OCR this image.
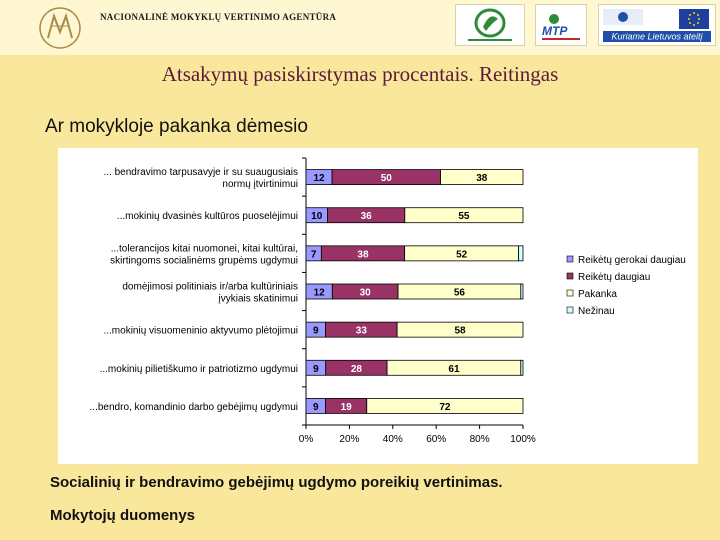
NACIONALINĖ MOKYKLŲ VERTINIMO AGENTŪRA
MTP	Kuriame Lietuvos ateitį
Atsakymų pasiskirstymas procentais. Reitingas
Ar mokykloje pakanka dėmesio
0%	20% 40% 60% 80% 100%
12	50	38
... bendravimo tarpusavyje ir su suaugusiais
normų įtvirtinimui
10	36	55
...mokinių dvasinės kultūros puoselėjimui
7	38	52
...tolerancijos kitai nuomonei, kitai kultūrai,
skirtingoms socialinėms grupėms ugdymui
12	30	56
domėjimosi politiniais ir/arba kultūriniais
įvykiais skatinimui
9	33	58
...mokinių visuomeninio aktyvumo plėtojimui
9	28	61
...mokinių pilietiškumo ir patriotizmo ugdymui
9 19	72
...bendro, komandinio darbo gebėjimų ugdymui
Reikėtų gerokai daugiau
Reikėtų daugiau
Pakanka
Nežinau
Socialinių ir bendravimo gebėjimų ugdymo poreikių vertinimas.
Mokytojų duomenys
